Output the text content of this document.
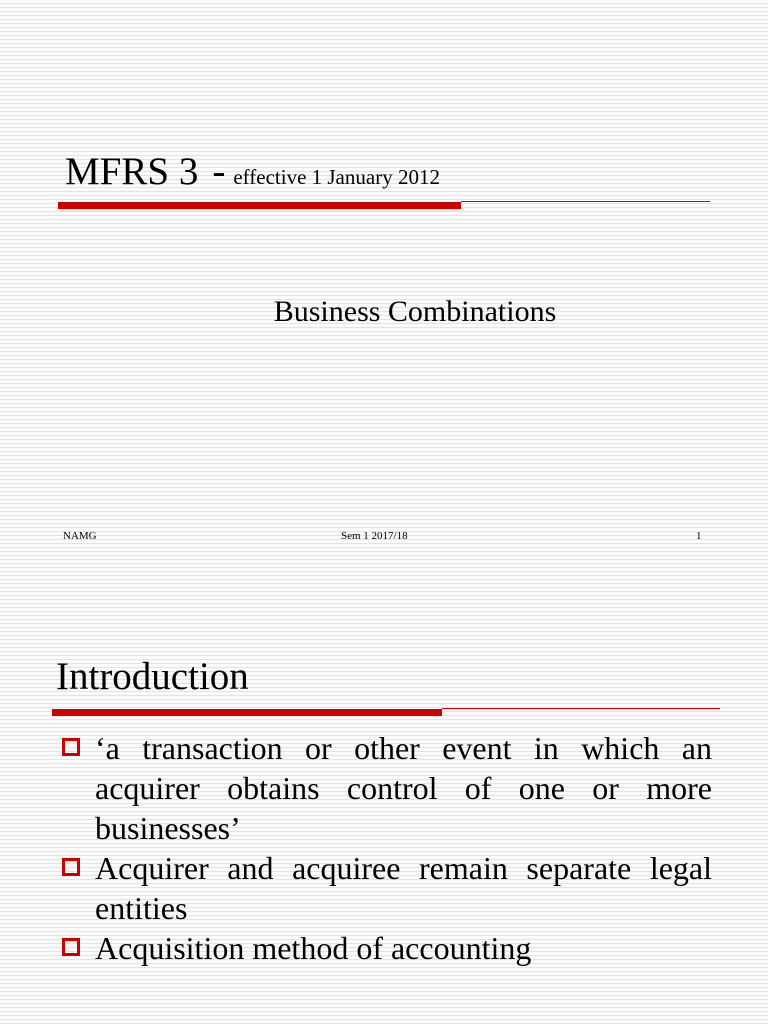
MFRS 3 - effective 1 January 2012
Business Combinations
NAMG	Sem 1 2017/18	1
Introduction
‘a transaction or other event in which an acquirer obtains control of one or more businesses’
Acquirer and acquiree remain separate legal entities
Acquisition method of accounting
